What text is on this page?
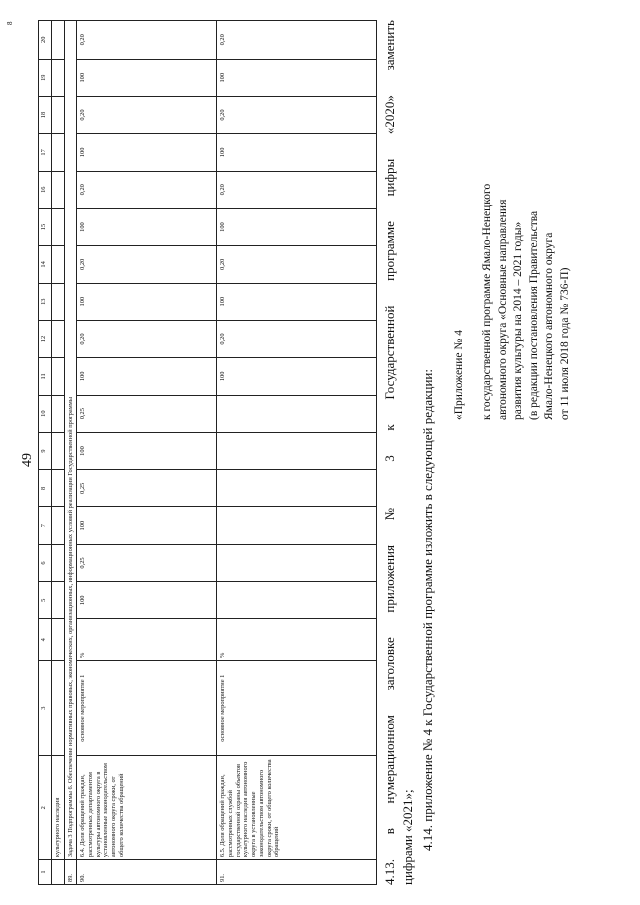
49
8
1	2	3	4	5	6	7	8	9	10	11	12	13	14	15	16	17	18	19	20
	культурного наследия																		
89.	Задача 3 Подпрограммы 6. Обеспечение нормативных правовых, экономических, организационных, информационных условий реализации Государственной программы																		
90.	6.4. Доля обращений граждан, рассмотренных департаментом культуры автономного округа в установленные законодательством автономного округа сроки, от общего количества обращений	основное мероприятие 1	%	100	0,25	100	0,25	100	0,25	100	0,20	100	0,20	100	0,20	100	0,20	100	0,20
91.	6.5. Доля обращений граждан, рассмотренных службой государственной охраны объектов культурного наследия автономного округа в установленные законодательством автономного округа сроки, от общего количества обращений	основное мероприятие 1	%							100	0,20	100	0,20	100	0,20	100	0,20	100	0,20	4.13. в нумерационном заголовке приложения № 3 к Государственной программе цифры «2020» заменить цифрами «2021»; 4.14. приложение № 4 к Государственной программе изложить в следующей редакции: «Приложение № 4 к государственной программе Ямало-Ненецкого автономного округа «Основные направления развития культуры на 2014 – 2021 годы» (в редакции постановления Правительства Ямало-Ненецкого автономного округа от 11 июля 2018 года № 736-П)
